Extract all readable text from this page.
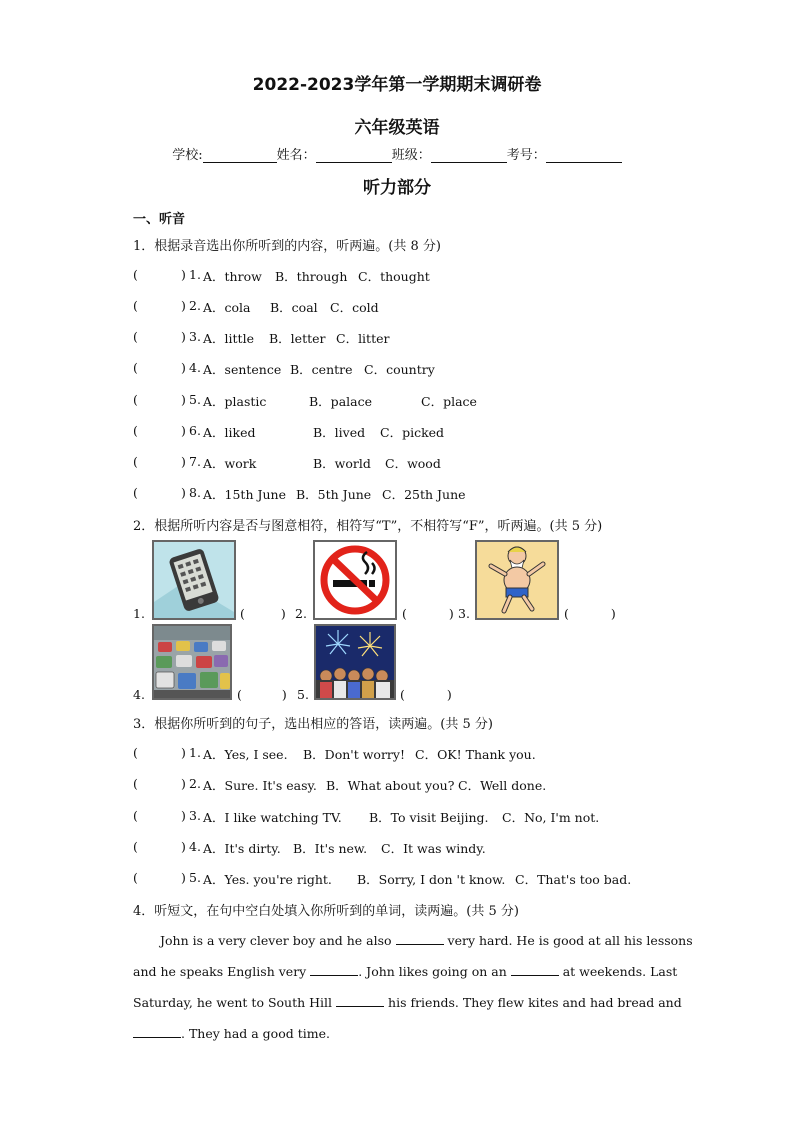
2022-2023学年第一学期期末调研卷
六年级英语
学校:	姓名：	班级：	考号：
听力部分
一、听音
1．根据录音选出你所听到的内容，听两遍。(共 8 分)
(	) 1. A．throw B．through C．thought
(	) 2. A．cola B．coal C．cold
(	) 3. A．little B．letter C．litter
(	) 4. A．sentence B．centre C．country
(	) 5. A．plastic	B．palace	C．place
(	) 6. A．liked	B．lived C．picked
(	) 7. A．work	B．world C．wood
(	) 8. A．15th June B．5th June C．25th June
2．根据所听内容是否与图意相符，相符写“T”，不相符写“F”，听两遍。(共 5 分)
1.	(	) 2.	(	) 3.	(	)
4.	(	) 5.	(	)
3．根据你所听到的句子，选出相应的答语，读两遍。(共 5 分)
(	) 1. A．Yes, I see. B．Don't worry! C．OK! Thank you.
(	) 2. A．Sure. It's easy. B．What about you? C．Well done.
(	) 3. A．I like watching TV. B．To visit Beijing. C．No, I'm not.
(	) 4. A．It's dirty. B．It's new. C．It was windy.
(	) 5. A．Yes. you're right. B．Sorry, I don 't know. C．That's too bad.
4．听短文，在句中空白处填入你所听到的单词，读两遍。(共 5 分)
John is a very clever boy and he also	very hard. He is good at all his lessons
and he speaks English very	. John likes going on an	at weekends. Last
Saturday, he went to South Hill	his friends. They flew kites and had bread and
. They had a good time.
